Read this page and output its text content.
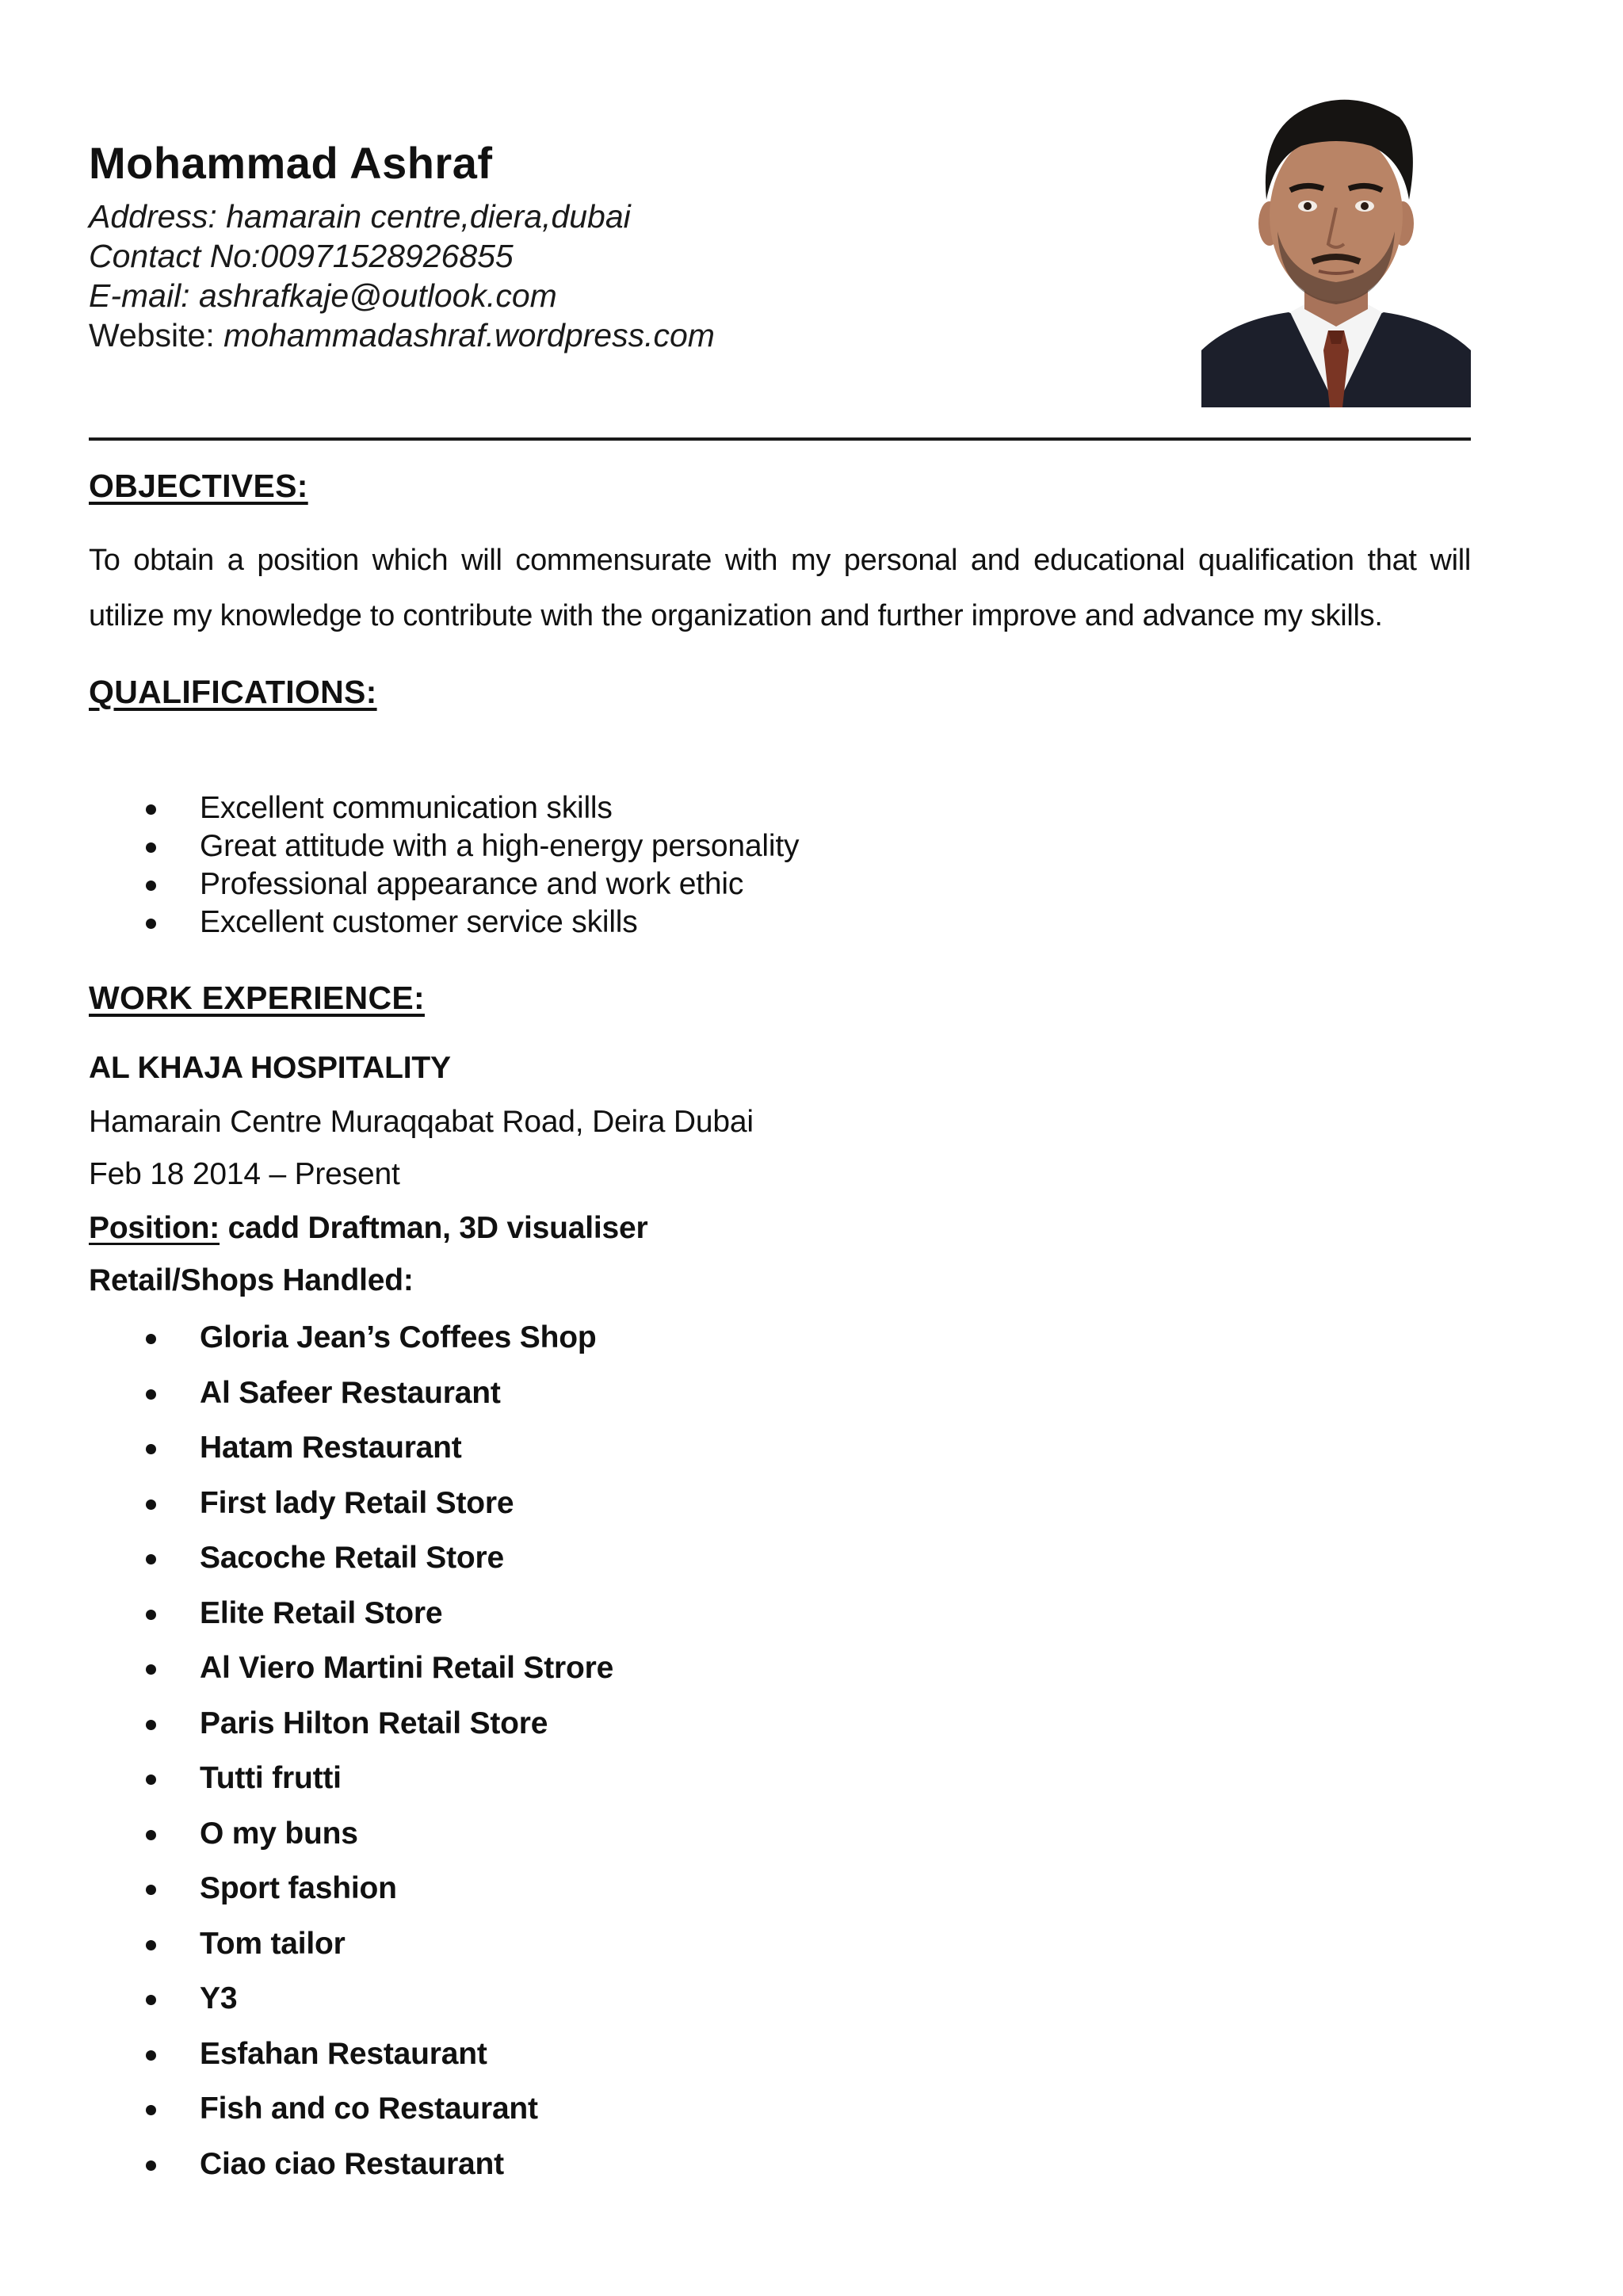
Mohammad Ashraf
Address: hamarain centre,diera,dubai
Contact No:00971528926855
E-mail: ashrafkaje@outlook.com
Website: mohammadashraf.wordpress.com
OBJECTIVES:
To obtain a position which will commensurate with my personal and educational qualification that will utilize my knowledge to contribute with the organization and further improve and advance my skills.
QUALIFICATIONS:
Excellent communication skills
Great attitude with a high-energy personality
Professional appearance and work ethic
Excellent customer service skills
WORK EXPERIENCE:
AL KHAJA HOSPITALITY
Hamarain Centre Muraqqabat Road, Deira Dubai
Feb 18 2014 – Present
Position: cadd Draftman, 3D visualiser
Retail/Shops Handled:
Gloria Jean’s Coffees Shop
Al Safeer Restaurant
Hatam Restaurant
First lady Retail Store
Sacoche Retail Store
Elite Retail Store
Al Viero Martini Retail Strore
Paris Hilton Retail Store
Tutti frutti
O my buns
Sport fashion
Tom tailor
Y3
Esfahan Restaurant
Fish and co Restaurant
Ciao ciao Restaurant
